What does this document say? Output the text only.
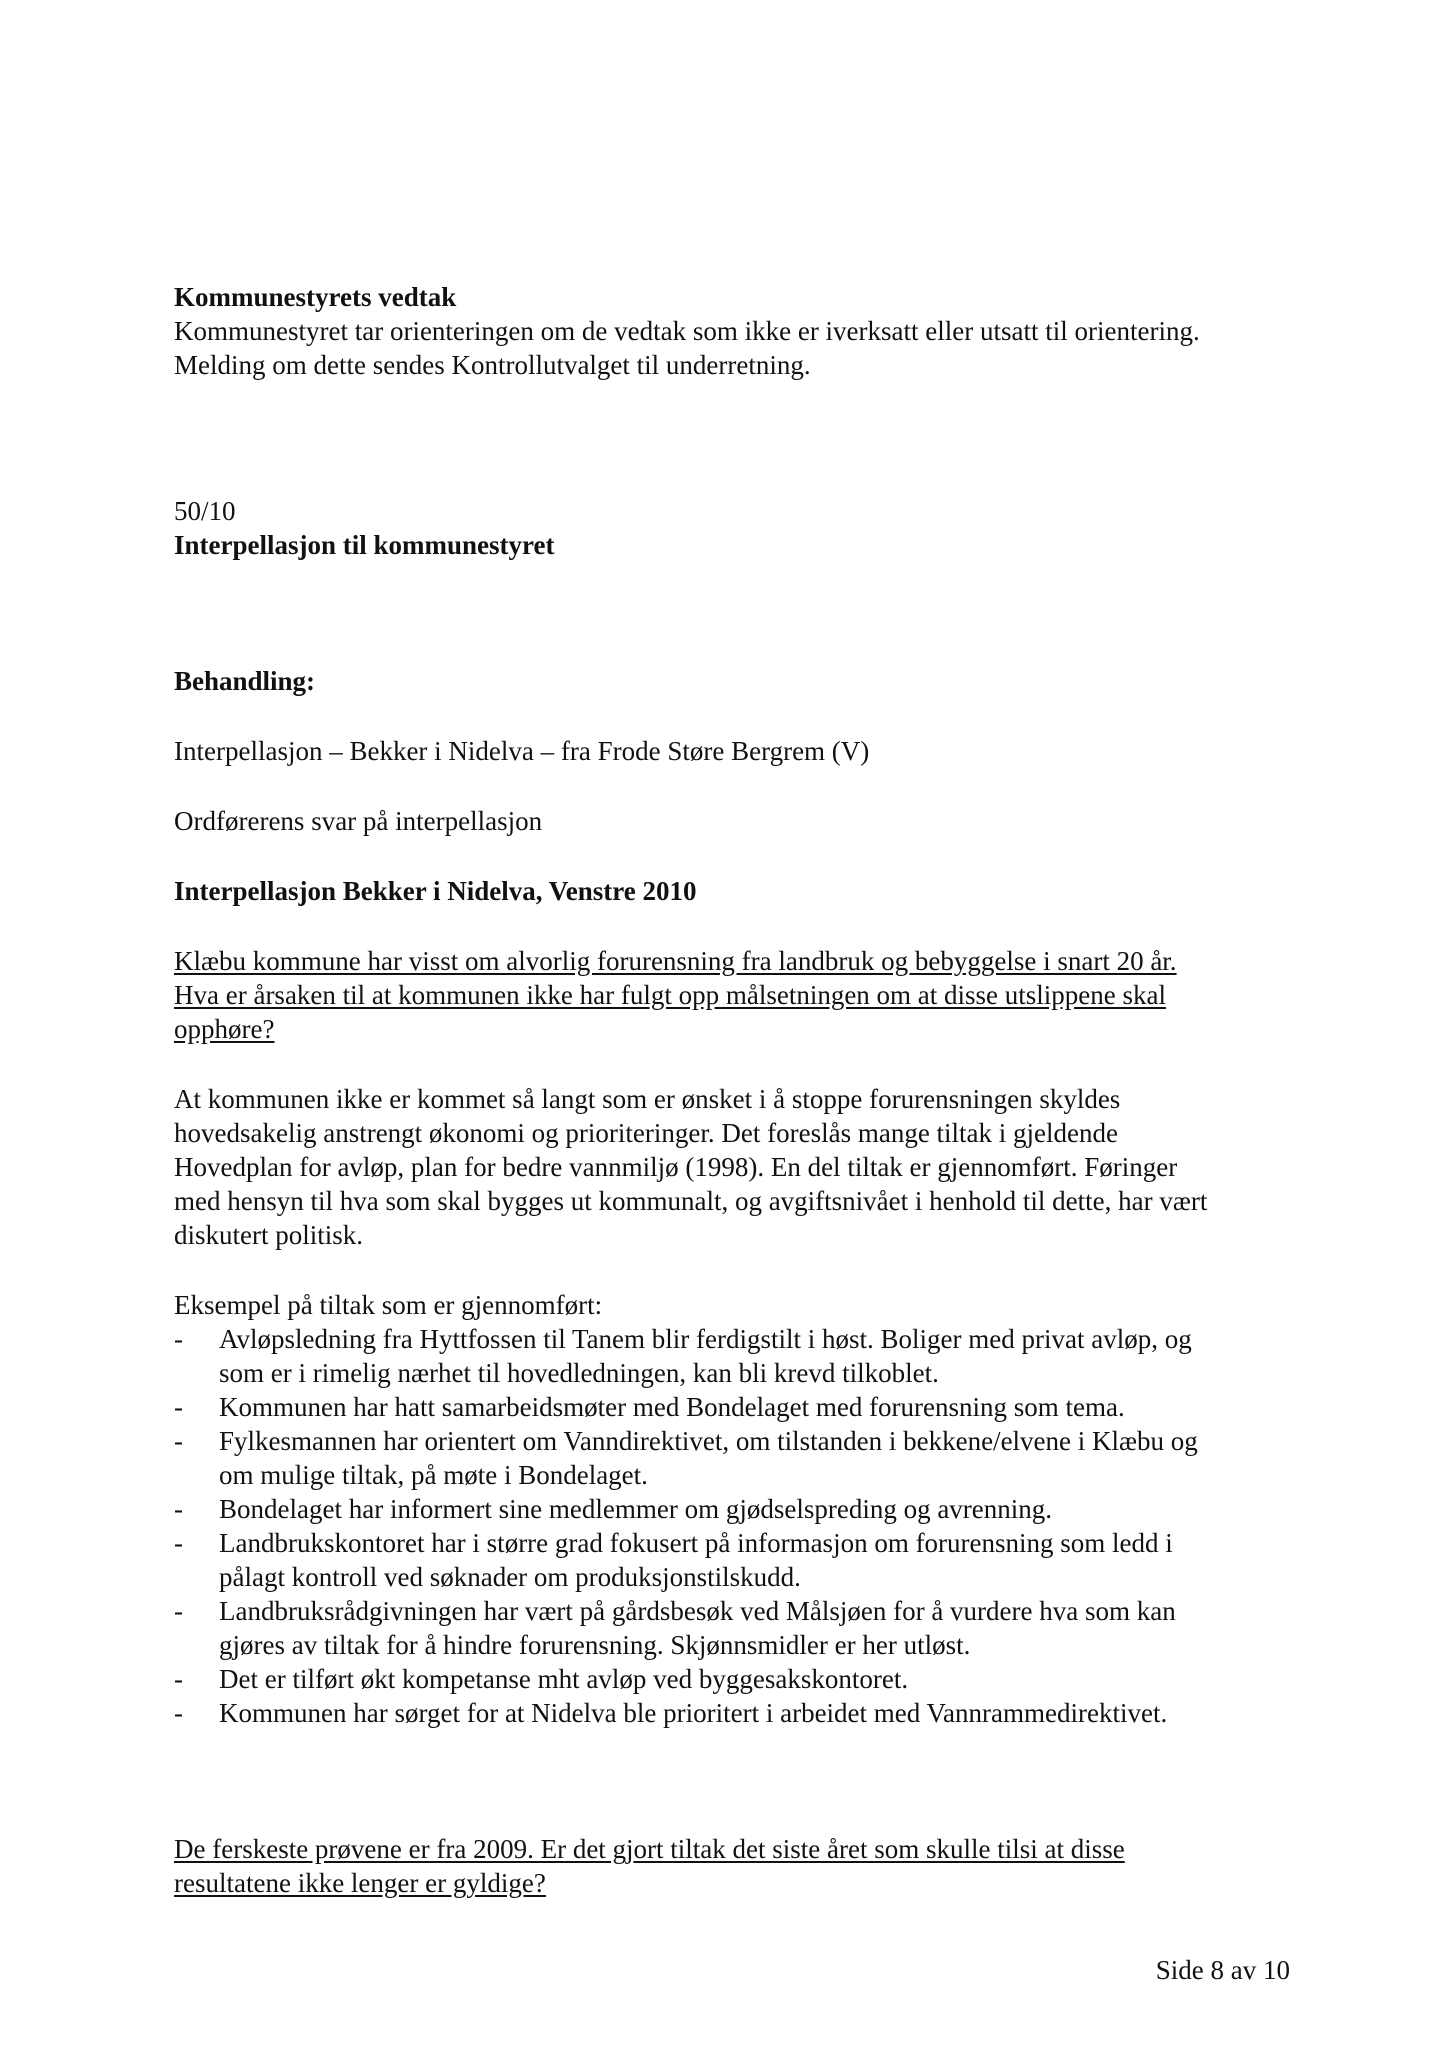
Kommunestyrets vedtak

Kommunestyret tar orienteringen om de vedtak som ikke er iverksatt eller utsatt til orientering.

Melding om dette sendes Kontrollutvalget til underretning.

50/10

Interpellasjon til kommunestyret

Behandling:

Interpellasjon – Bekker i Nidelva – fra Frode Støre Bergrem (V)

Ordførerens svar på interpellasjon

Interpellasjon Bekker i Nidelva, Venstre 2010

Klæbu kommune har visst om alvorlig forurensning fra landbruk og bebyggelse i snart 20 år.

Hva er årsaken til at kommunen ikke har fulgt opp målsetningen om at disse utslippene skal

opphøre?

At kommunen ikke er kommet så langt som er ønsket i å stoppe forurensningen skyldes

hovedsakelig anstrengt økonomi og prioriteringer. Det foreslås mange tiltak i gjeldende

Hovedplan for avløp, plan for bedre vannmiljø (1998). En del tiltak er gjennomført. Føringer

med hensyn til hva som skal bygges ut kommunalt, og avgiftsnivået i henhold til dette, har vært

diskutert politisk.

Eksempel på tiltak som er gjennomført:

- Avløpsledning fra Hyttfossen til Tanem blir ferdigstilt i høst. Boliger med privat avløp, og
som er i rimelig nærhet til hovedledningen, kan bli krevd tilkoblet.
- Kommunen har hatt samarbeidsmøter med Bondelaget med forurensning som tema.
- Fylkesmannen har orientert om Vanndirektivet, om tilstanden i bekkene/elvene i Klæbu og
om mulige tiltak, på møte i Bondelaget.
- Bondelaget har informert sine medlemmer om gjødselspreding og avrenning.
- Landbrukskontoret har i større grad fokusert på informasjon om forurensning som ledd i
pålagt kontroll ved søknader om produksjonstilskudd.
- Landbruksrådgivningen har vært på gårdsbesøk ved Målsjøen for å vurdere hva som kan
gjøres av tiltak for å hindre forurensning. Skjønnsmidler er her utløst.
- Det er tilført økt kompetanse mht avløp ved byggesakskontoret.
- Kommunen har sørget for at Nidelva ble prioritert i arbeidet med Vannrammedirektivet.

De ferskeste prøvene er fra 2009. Er det gjort tiltak det siste året som skulle tilsi at disse

resultatene ikke lenger er gyldige?

Side 8 av 10
